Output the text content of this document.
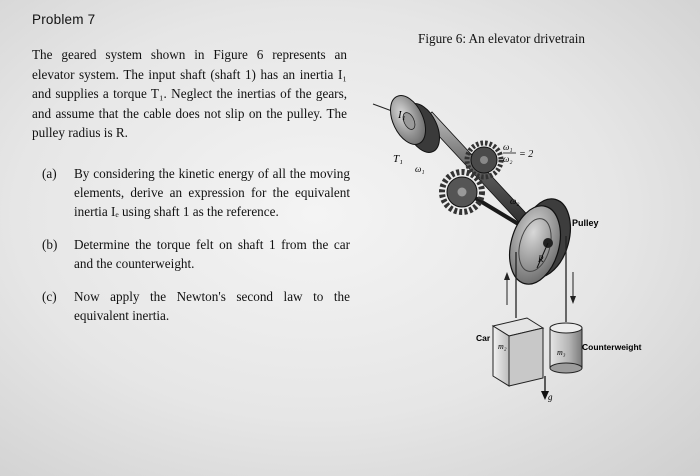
Problem 7
The geared system shown in Figure 6 represents an elevator system. The input shaft (shaft 1) has an inertia I₁ and supplies a torque T₁. Neglect the inertias of the gears, and assume that the cable does not slip on the pulley. The pulley radius is R.
(a) By considering the kinetic energy of all the moving elements, derive an expression for the equivalent inertia Iₑ using shaft 1 as the reference.
(b) Determine the torque felt on shaft 1 from the car and the counterweight.
(c) Now apply the Newton's second law to the equivalent inertia.
Figure 6: An elevator drivetrain
I₁
T₁
ω₁
ω₁
ω₂ = 2
ω₂
Pulley
R
Car
m₂
m₃
Counterweight
g
